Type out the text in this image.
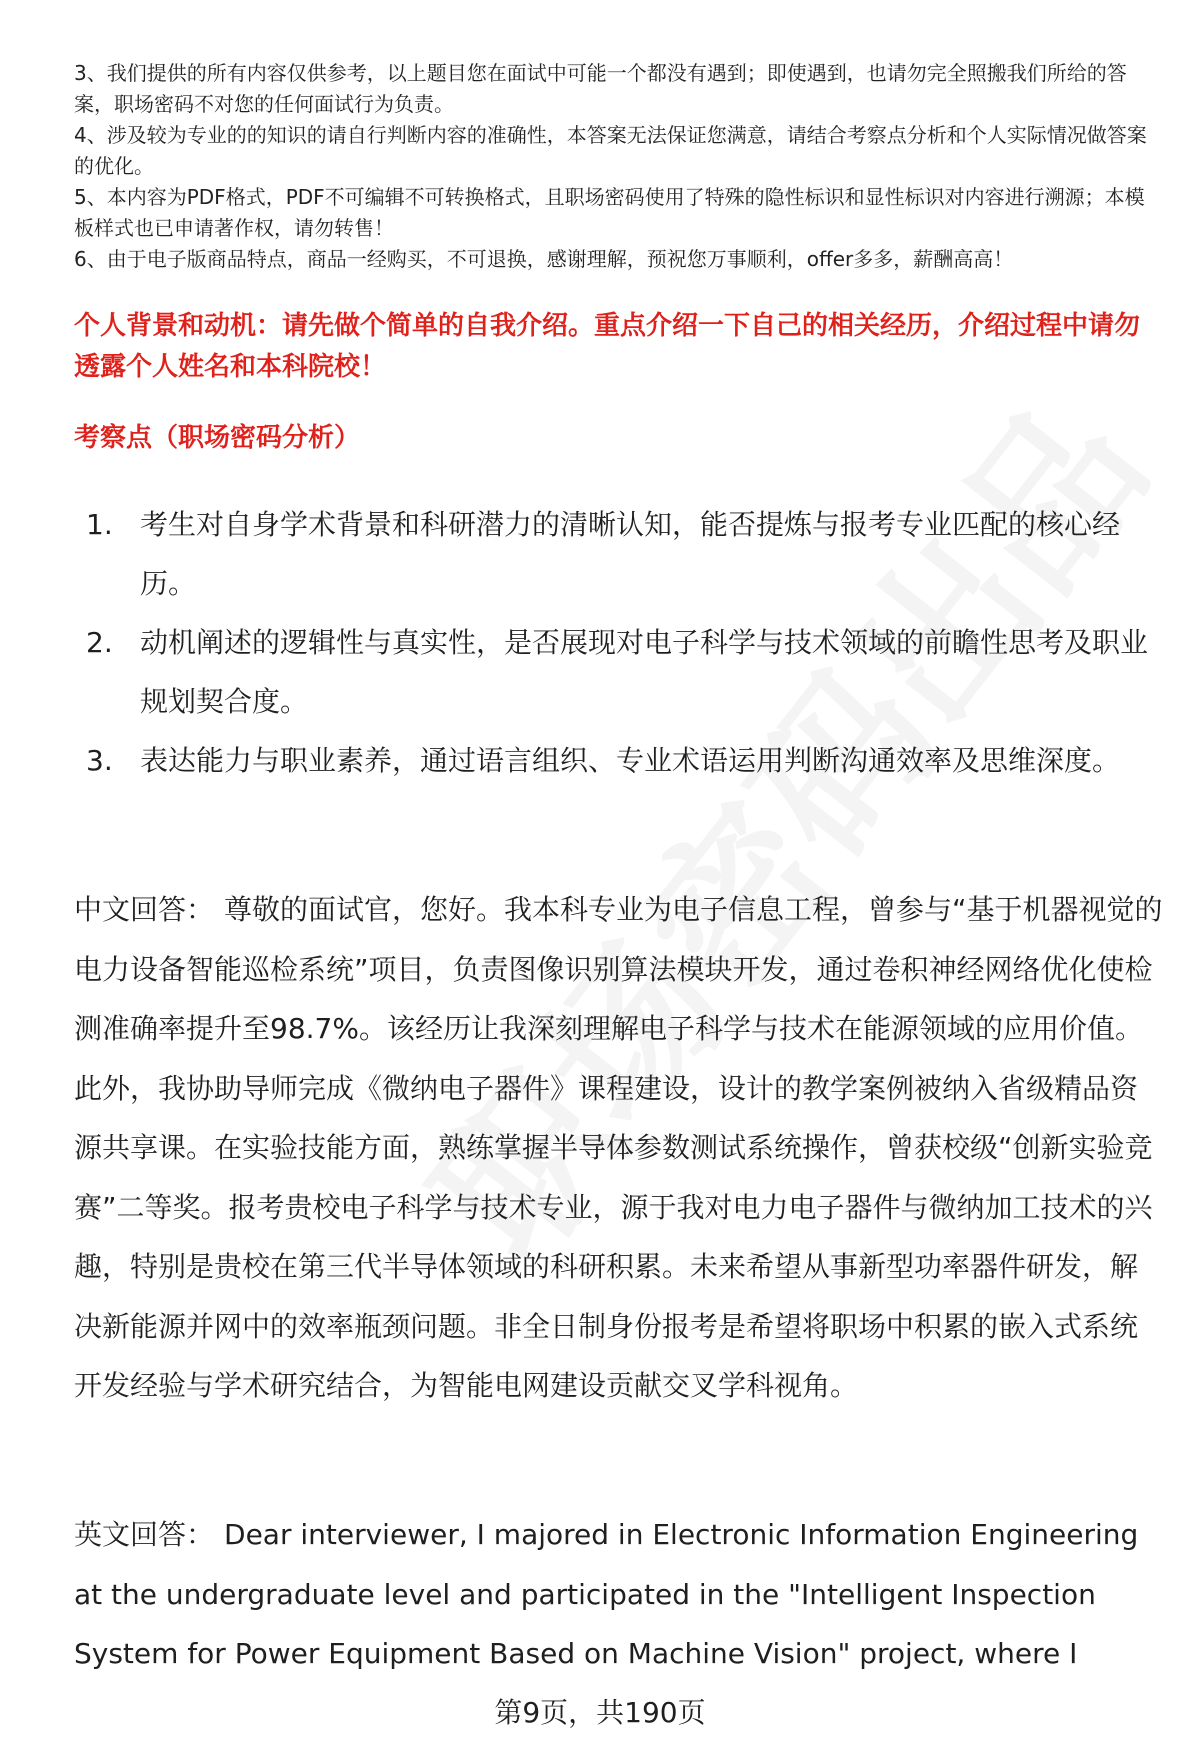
3、我们提供的所有内容仅供参考，以上题目您在面试中可能一个都没有遇到；即使遇到，也请勿完全照搬我们所给的答案，职场密码不对您的任何面试行为负责。

4、涉及较为专业的的知识的请自行判断内容的准确性，本答案无法保证您满意，请结合考察点分析和个人实际情况做答案的优化。

5、本内容为PDF格式，PDF不可编辑不可转换格式，且职场密码使用了特殊的隐性标识和显性标识对内容进行溯源；本模板样式也已申请著作权，请勿转售！

6、由于电子版商品特点，商品一经购买，不可退换，感谢理解，预祝您万事顺利，offer多多，薪酬高高！

个人背景和动机：请先做个简单的自我介绍。重点介绍一下自己的相关经历，介绍过程中请勿透露个人姓名和本科院校！
考察点（职场密码分析）
1. 考生对自身学术背景和科研潜力的清晰认知，能否提炼与报考专业匹配的核心经历。
2. 动机阐述的逻辑性与真实性，是否展现对电子科学与技术领域的前瞻性思考及职业规划契合度。
3. 表达能力与职业素养，通过语言组织、专业术语运用判断沟通效率及思维深度。
中文回答： 尊敬的面试官，您好。我本科专业为电子信息工程，曾参与“基于机器视觉的电力设备智能巡检系统”项目，负责图像识别算法模块开发，通过卷积神经网络优化使检测准确率提升至98.7%。该经历让我深刻理解电子科学与技术在能源领域的应用价值。此外，我协助导师完成《微纳电子器件》课程建设，设计的教学案例被纳入省级精品资源共享课。在实验技能方面，熟练掌握半导体参数测试系统操作，曾获校级“创新实验竞赛”二等奖。报考贵校电子科学与技术专业，源于我对电力电子器件与微纳加工技术的兴趣，特别是贵校在第三代半导体领域的科研积累。未来希望从事新型功率器件研发，解决新能源并网中的效率瓶颈问题。非全日制身份报考是希望将职场中积累的嵌入式系统开发经验与学术研究结合，为智能电网建设贡献交叉学科视角。
英文回答： Dear interviewer, I majored in Electronic Information Engineering at the undergraduate level and participated in the "Intelligent Inspection System for Power Equipment Based on Machine Vision" project, where I
第9页，共190页
